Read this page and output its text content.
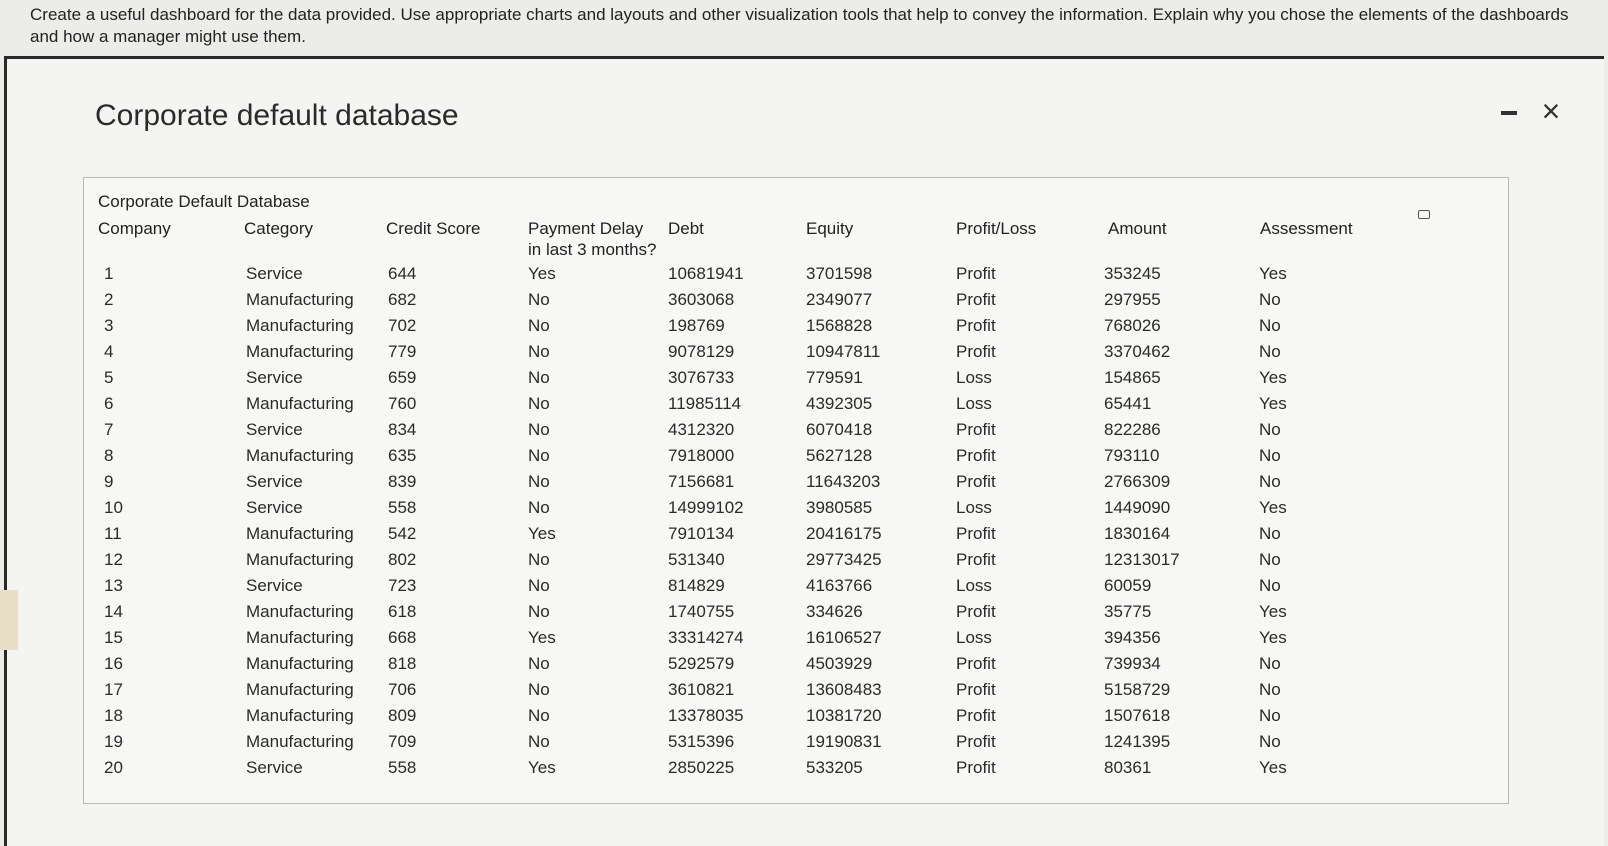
Create a useful dashboard for the data provided. Use appropriate charts and layouts and other visualization tools that help to convey the information. Explain why you chose the elements of the dashboards and how a manager might use them.
Corporate default database	×
Corporate Default Database
Company	Category	Credit Score	Payment Delay
in last 3 months?
Debt	Equity	Profit/Loss	Amount	Assessment
1	Service	644	Yes	10681941	3701598	Profit	353245	Yes
2	Manufacturing 682	No	3603068	2349077	Profit	297955	No
3	Manufacturing 702	No	198769	1568828	Profit	768026	No
4	Manufacturing 779	No	9078129	10947811	Profit	3370462	No
5	Service	659	No	3076733	779591	Loss	154865	Yes
6	Manufacturing 760	No	11985114	4392305	Loss	65441	Yes
7	Service	834	No	4312320	6070418	Profit	822286	No
8	Manufacturing 635	No	7918000	5627128	Profit	793110	No
9	Service	839	No	7156681	11643203	Profit	2766309	No
10	Service	558	No	14999102	3980585	Loss	1449090	Yes
11	Manufacturing 542	Yes	7910134	20416175	Profit	1830164	No
12	Manufacturing 802	No	531340	29773425	Profit	12313017	No
13	Service	723	No	814829	4163766	Loss	60059	No
14	Manufacturing 618	No	1740755	334626	Profit	35775	Yes
15	Manufacturing 668	Yes	33314274	16106527	Loss	394356	Yes
16	Manufacturing 818	No	5292579	4503929	Profit	739934	No
17	Manufacturing 706	No	3610821	13608483	Profit	5158729	No
18	Manufacturing 809	No	13378035	10381720	Profit	1507618	No
19	Manufacturing 709	No	5315396	19190831	Profit	1241395	No
20	Service	558	Yes	2850225	533205	Profit	80361	Yes
